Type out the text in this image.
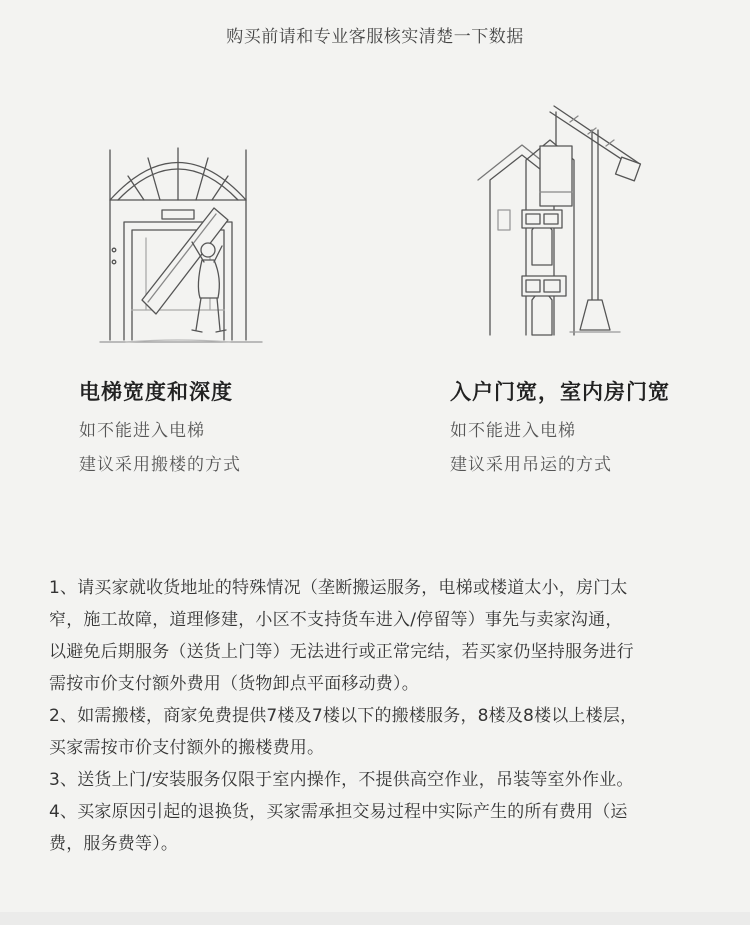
购买前请和专业客服核实清楚一下数据
电梯宽度和深度
如不能进入电梯
建议采用搬楼的方式
入户门宽，室内房门宽
如不能进入电梯
建议采用吊运的方式
1、请买家就收货地址的特殊情况（垄断搬运服务，电梯或楼道太小，房门太
窄，施工故障，道理修建，小区不支持货车进入/停留等）事先与卖家沟通，
以避免后期服务（送货上门等）无法进行或正常完结，若买家仍坚持服务进行
需按市价支付额外费用（货物卸点平面移动费）。
2、如需搬楼，商家免费提供7楼及7楼以下的搬楼服务，8楼及8楼以上楼层，
买家需按市价支付额外的搬楼费用。
3、送货上门/安装服务仅限于室内操作，不提供高空作业，吊装等室外作业。
4、买家原因引起的退换货，买家需承担交易过程中实际产生的所有费用（运
费，服务费等）。
